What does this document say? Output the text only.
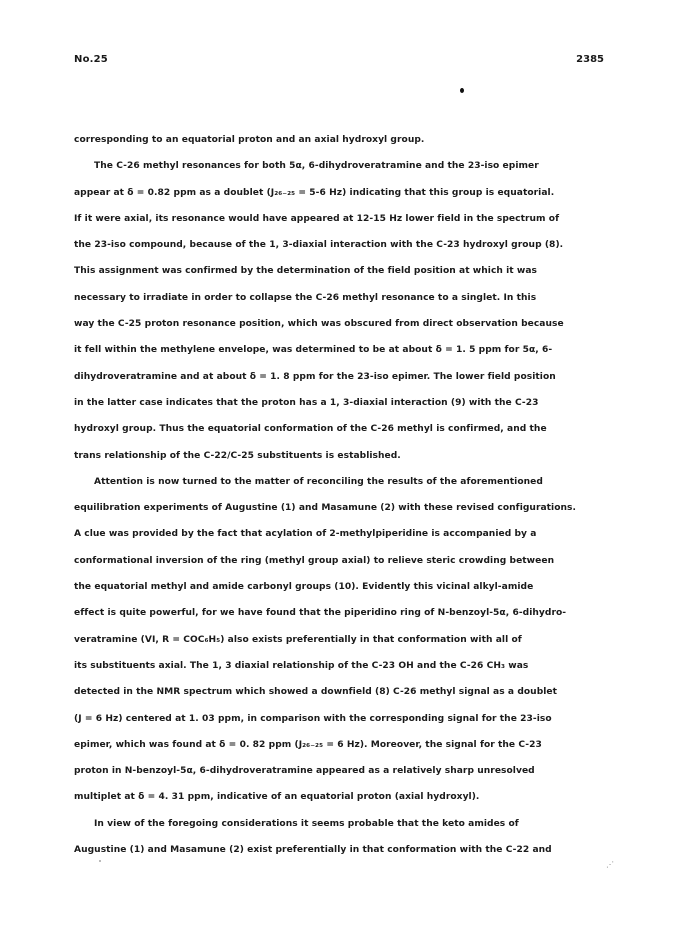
No.25	2385
corresponding to an equatorial proton and an axial hydroxyl group.
The C-26 methyl resonances for both 5α, 6-dihydroveratramine and the 23-iso epimer
appear at δ = 0.82 ppm as a doublet (J₂₆₋₂₅ = 5-6 Hz) indicating that this group is equatorial.
If it were axial, its resonance would have appeared at 12-15 Hz lower field in the spectrum of
the 23-iso compound, because of the 1, 3-diaxial interaction with the C-23 hydroxyl group (8).
This assignment was confirmed by the determination of the field position at which it was
necessary to irradiate in order to collapse the C-26 methyl resonance to a singlet. In this
way the C-25 proton resonance position, which was obscured from direct observation because
it fell within the methylene envelope, was determined to be at about δ = 1. 5 ppm for 5α, 6-
dihydroveratramine and at about δ = 1. 8 ppm for the 23-iso epimer. The lower field position
in the latter case indicates that the proton has a 1, 3-diaxial interaction (9) with the C-23
hydroxyl group. Thus the equatorial conformation of the C-26 methyl is confirmed, and the
trans relationship of the C-22/C-25 substituents is established.
Attention is now turned to the matter of reconciling the results of the aforementioned
equilibration experiments of Augustine (1) and Masamune (2) with these revised configurations.
A clue was provided by the fact that acylation of 2-methylpiperidine is accompanied by a
conformational inversion of the ring (methyl group axial) to relieve steric crowding between
the equatorial methyl and amide carbonyl groups (10). Evidently this vicinal alkyl-amide
effect is quite powerful, for we have found that the piperidino ring of N-benzoyl-5α, 6-dihydro-
veratramine (VI, R = COC₆H₅) also exists preferentially in that conformation with all of
its substituents axial. The 1, 3 diaxial relationship of the C-23 OH and the C-26 CH₃ was
detected in the NMR spectrum which showed a downfield (8) C-26 methyl signal as a doublet
(J = 6 Hz) centered at 1. 03 ppm, in comparison with the corresponding signal for the 23-iso
epimer, which was found at δ = 0. 82 ppm (J₂₆₋₂₅ = 6 Hz). Moreover, the signal for the C-23
proton in N-benzoyl-5α, 6-dihydroveratramine appeared as a relatively sharp unresolved
multiplet at δ = 4. 31 ppm, indicative of an equatorial proton (axial hydroxyl).
In view of the foregoing considerations it seems probable that the keto amides of
Augustine (1) and Masamune (2) exist preferentially in that conformation with the C-22 and
⋰
